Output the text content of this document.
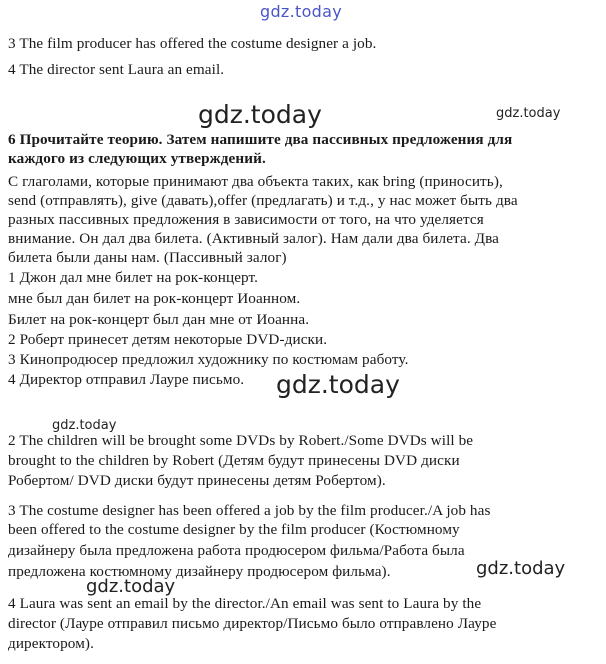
gdz.today
gdz.today	gdz.today
gdz.today
gdz.today
gdz.today
gdz.today
3 The film producer has offered the costume designer a job.
4 The director sent Laura an email.
6 Прочитайте теорию. Затем напишите два пассивных предложения для
каждого из следующих утверждений.
С глаголами, которые принимают два объекта таких, как bring (приносить),
send (отправлять), give (давать),offer (предлагать) и т.д., у нас может быть два
разных пассивных предложения в зависимости от того, на что уделяется
внимание. Он дал два билета. (Активный залог). Нам дали два билета. Два
билета были даны нам. (Пассивный залог)
1 Джон дал мне билет на рок-концерт.
мне был дан билет на рок-концерт Иоанном.
Билет на рок-концерт был дан мне от Иоанна.
2 Роберт принесет детям некоторые DVD-диски.
3 Кинопродюсер предложил художнику по костюмам работу.
4 Директор отправил Лауре письмо.
2 The children will be brought some DVDs by Robert./Some DVDs will be
brought to the children by Robert (Детям будут принесены DVD диски
Робертом/ DVD диски будут принесены детям Робертом).
3 The costume designer has been offered a job by the film producer./A job has
been offered to the costume designer by the film producer (Костюмному
дизайнеру была предложена работа продюсером фильма/Работа была
предложена костюмному дизайнеру продюсером фильма).
4 Laura was sent an email by the director./An email was sent to Laura by the
director (Лауре отправил письмо директор/Письмо было отправлено Лауре
директором).
